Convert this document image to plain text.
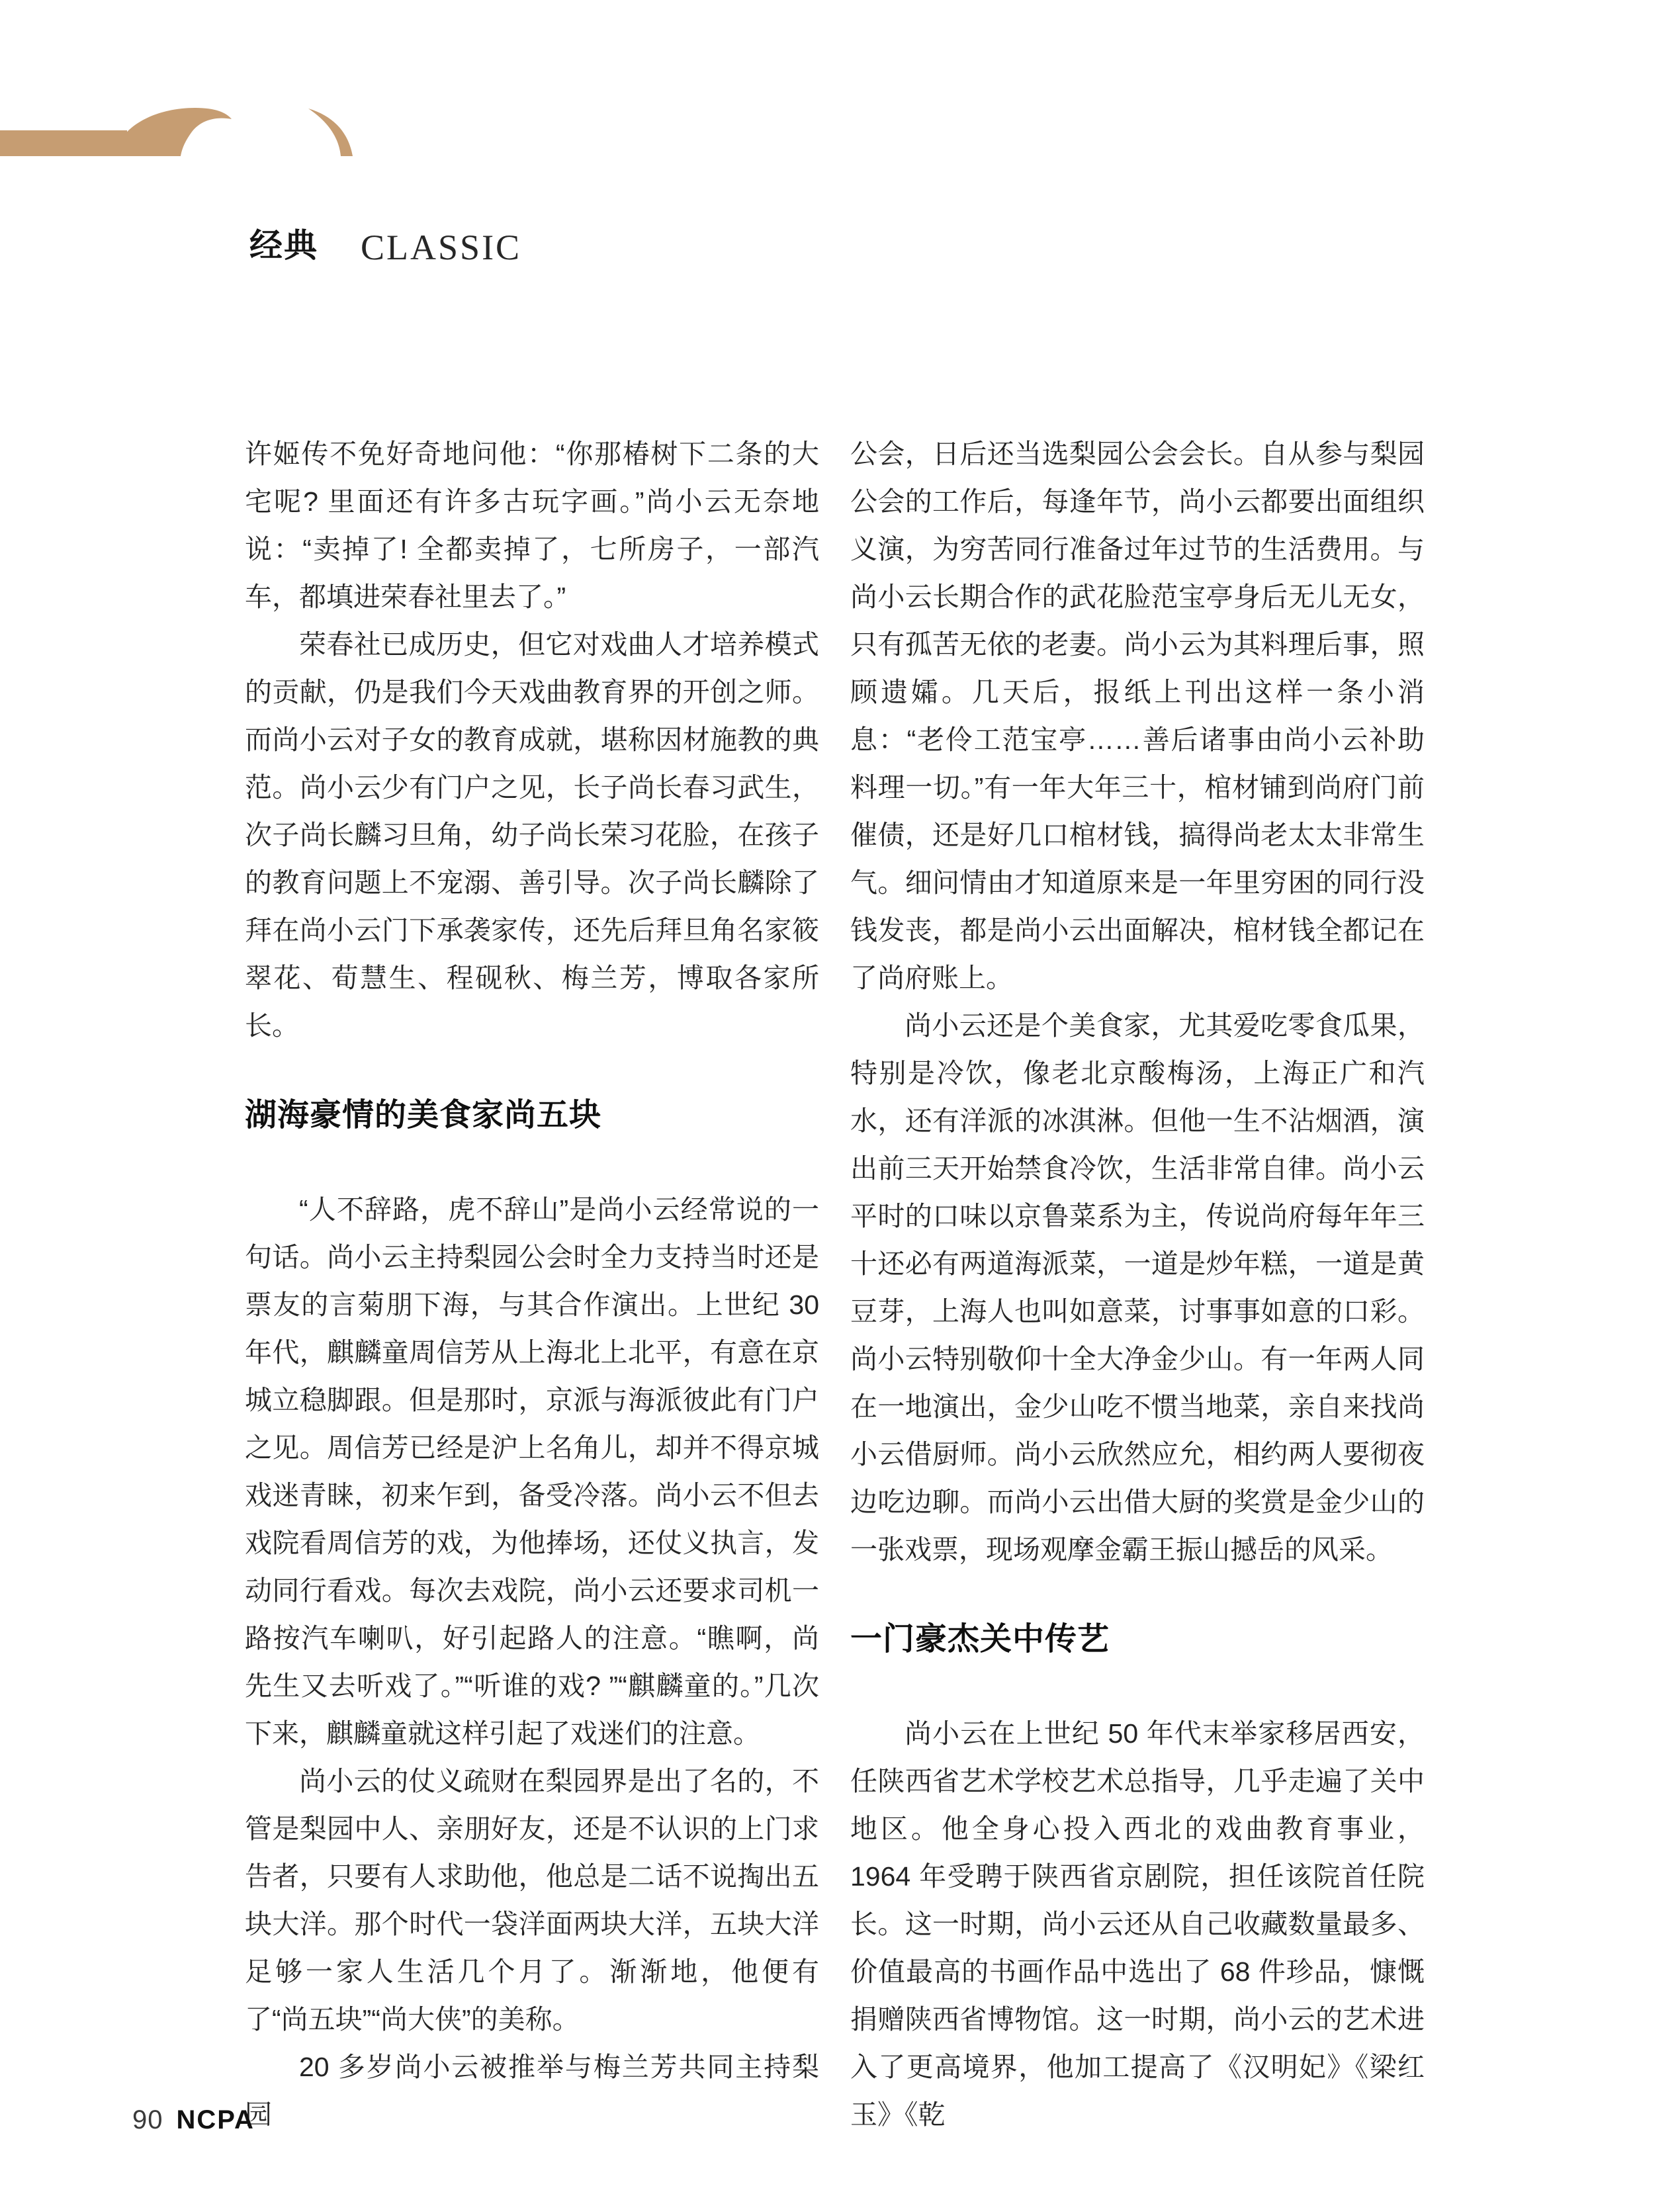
经典 CLASSIC

许姬传不免好奇地问他：“你那椿树下二条的大宅呢? 里面还有许多古玩字画。”尚小云无奈地说：“卖掉了! 全都卖掉了，七所房子，一部汽车，都填进荣春社里去了。”

荣春社已成历史，但它对戏曲人才培养模式的贡献，仍是我们今天戏曲教育界的开创之师。而尚小云对子女的教育成就，堪称因材施教的典范。尚小云少有门户之见，长子尚长春习武生，次子尚长麟习旦角，幼子尚长荣习花脸，在孩子的教育问题上不宠溺、善引导。次子尚长麟除了拜在尚小云门下承袭家传，还先后拜旦角名家筱翠花、荀慧生、程砚秋、梅兰芳，博取各家所长。

湖海豪情的美食家尚五块

“人不辞路，虎不辞山”是尚小云经常说的一句话。尚小云主持梨园公会时全力支持当时还是票友的言菊朋下海，与其合作演出。上世纪 30 年代，麒麟童周信芳从上海北上北平，有意在京城立稳脚跟。但是那时，京派与海派彼此有门户之见。周信芳已经是沪上名角儿，却并不得京城戏迷青睐，初来乍到，备受冷落。尚小云不但去戏院看周信芳的戏，为他捧场，还仗义执言，发动同行看戏。每次去戏院，尚小云还要求司机一路按汽车喇叭，好引起路人的注意。“瞧啊，尚先生又去听戏了。”“听谁的戏? ”“麒麟童的。”几次下来，麒麟童就这样引起了戏迷们的注意。

尚小云的仗义疏财在梨园界是出了名的，不管是梨园中人、亲朋好友，还是不认识的上门求告者，只要有人求助他，他总是二话不说掏出五块大洋。那个时代一袋洋面两块大洋，五块大洋足够一家人生活几个月了。渐渐地，他便有了“尚五块”“尚大侠”的美称。

20 多岁尚小云被推举与梅兰芳共同主持梨园

公会，日后还当选梨园公会会长。自从参与梨园公会的工作后，每逢年节，尚小云都要出面组织义演，为穷苦同行准备过年过节的生活费用。与尚小云长期合作的武花脸范宝亭身后无儿无女，只有孤苦无依的老妻。尚小云为其料理后事，照顾遗孀。几天后，报纸上刊出这样一条小消息：“老伶工范宝亭……善后诸事由尚小云补助料理一切。”有一年大年三十，棺材铺到尚府门前催债，还是好几口棺材钱，搞得尚老太太非常生气。细问情由才知道原来是一年里穷困的同行没钱发丧，都是尚小云出面解决，棺材钱全都记在了尚府账上。

尚小云还是个美食家，尤其爱吃零食瓜果，特别是冷饮，像老北京酸梅汤，上海正广和汽水，还有洋派的冰淇淋。但他一生不沾烟酒，演出前三天开始禁食冷饮，生活非常自律。尚小云平时的口味以京鲁菜系为主，传说尚府每年年三十还必有两道海派菜，一道是炒年糕，一道是黄豆芽，上海人也叫如意菜，讨事事如意的口彩。尚小云特别敬仰十全大净金少山。有一年两人同在一地演出，金少山吃不惯当地菜，亲自来找尚小云借厨师。尚小云欣然应允，相约两人要彻夜边吃边聊。而尚小云出借大厨的奖赏是金少山的一张戏票，现场观摩金霸王振山撼岳的风采。

一门豪杰关中传艺

尚小云在上世纪 50 年代末举家移居西安，任陕西省艺术学校艺术总指导，几乎走遍了关中地区。他全身心投入西北的戏曲教育事业，1964 年受聘于陕西省京剧院，担任该院首任院长。这一时期，尚小云还从自己收藏数量最多、价值最高的书画作品中选出了 68 件珍品，慷慨捐赠陕西省博物馆。这一时期，尚小云的艺术进入了更高境界，他加工提高了《汉明妃》《梁红玉》《乾

90 NCPA
